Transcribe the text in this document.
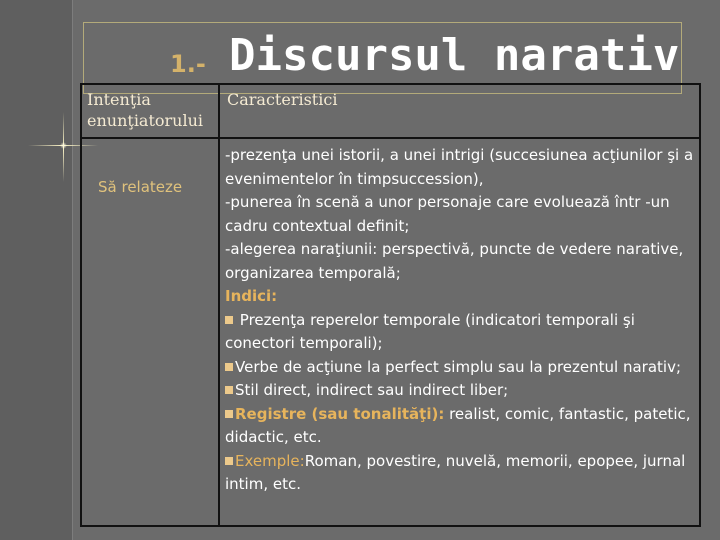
1.- Discursul narativ
Intenţia enunţiatorului
Caracteristici
Să relateze

-prezenţa unei istorii, a unei intrigi (succesiunea acţiunilor şi a evenimentelor în timpsuccession),

-punerea în scenă a unor personaje care evoluează într -un cadru contextual definit;

-alegerea naraţiunii: perspectivă, puncte de vedere narative, organizarea temporală;

Indici:

Prezenţa reperelor temporale (indicatori temporali şi conectori temporali);

Verbe de acţiune la perfect simplu sau la prezentul narativ;

Stil direct, indirect sau indirect liber;

Registre (sau tonalităţi): realist, comic, fantastic, patetic, didactic, etc.

Exemple:Roman, povestire, nuvelă, memorii, epopee, jurnal intim, etc.
